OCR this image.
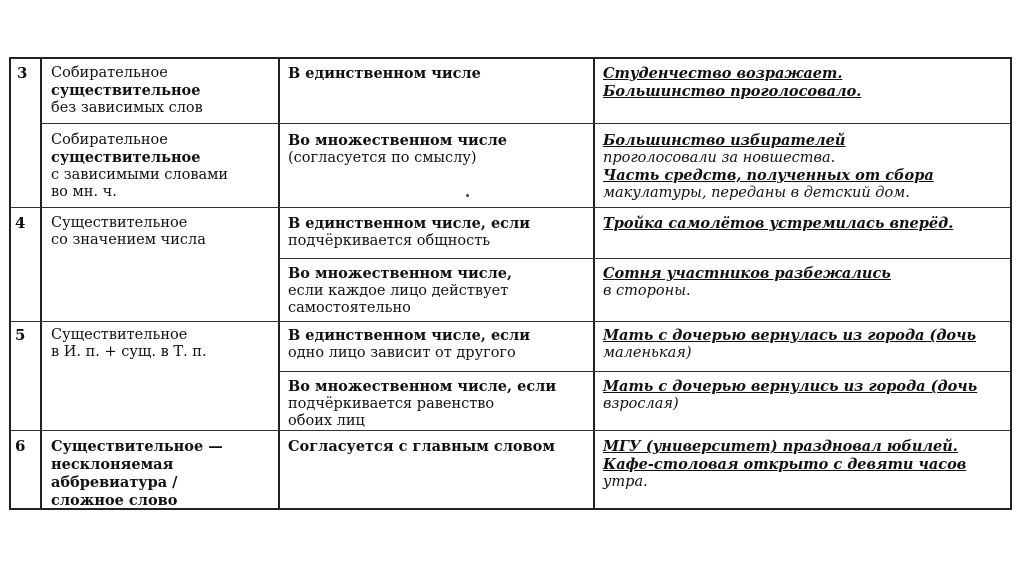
3 Собирательное
существительное
без зависимых слов
В единственном числе	Студенчество возражает.
Большинство проголосовало.
Собирательное
существительное
с зависимыми словами
во мн. ч.
Во множественном числе
(согласуется по смыслу)
Большинство избирателей
проголосовали за новшества.
Часть средств, полученных от сбора
макулатуры, переданы в детский дом.
4 Существительное
со значением числа
В единственном числе, если
подчёркивается общность
Тройка самолётов устремилась вперёд.
Во множественном числе,
если каждое лицо действует
самостоятельно
Сотня участников разбежались
в стороны.
5 Существительное
в И. п. + сущ. в Т. п.
В единственном числе, если
одно лицо зависит от другого
Мать с дочерью вернулась из города (дочь
маленькая)
Во множественном числе, если
подчёркивается равенство
обоих лиц
Мать с дочерью вернулись из города (дочь
взрослая)
6 Существительное —
несклоняемая
аббревиатура /
сложное слово
Согласуется с главным словом	МГУ (университет) праздновал юбилей.
Кафе-столовая открыто с девяти часов
утра.
